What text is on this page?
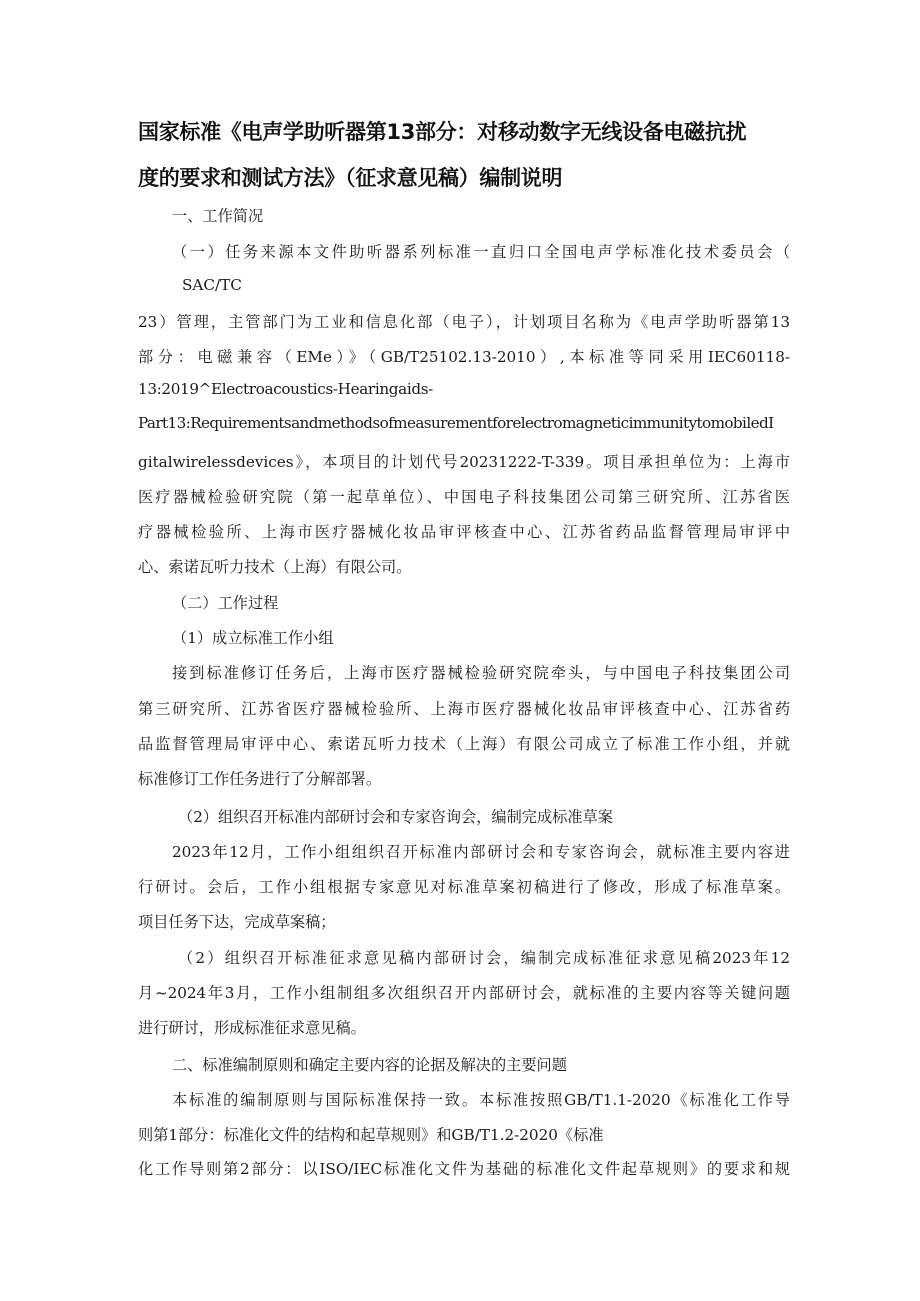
国家标准《电声学助听器第13部分：对移动数字无线设备电磁抗扰
度的要求和测试方法》（征求意见稿）编制说明

一、工作简况

（一）任务来源本文件助听器系列标准一直归口全国电声学标准化技术委员会（

SAC/TC

23）管理，主管部门为工业和信息化部（电子），计划项目名称为《电声学助听器第13

部分：电磁兼容（EMe）》（GB/T25102.13-2010）,本标准等同采用IEC60118-

13:2019^Electroacoustics-Hearingaids-

Part13:RequirementsandmethodsofmeasurementforelectromagneticimmunitytomobiledI

gitalwirelessdevices》，本项目的计划代号20231222-T-339。项目承担单位为：上海市

医疗器械检验研究院（第一起草单位）、中国电子科技集团公司第三研究所、江苏省医

疗器械检验所、上海市医疗器械化妆品审评核查中心、江苏省药品监督管理局审评中

心、索诺瓦听力技术（上海）有限公司。

（二）工作过程

（1）成立标准工作小组

接到标准修订任务后，上海市医疗器械检验研究院牵头，与中国电子科技集团公司

第三研究所、江苏省医疗器械检验所、上海市医疗器械化妆品审评核查中心、江苏省药

品监督管理局审评中心、索诺瓦听力技术（上海）有限公司成立了标准工作小组，并就

标准修订工作任务进行了分解部署。

（2）组织召开标准内部研讨会和专家咨询会，编制完成标准草案

2023年12月，工作小组组织召开标准内部研讨会和专家咨询会，就标准主要内容进

行研讨。会后，工作小组根据专家意见对标准草案初稿进行了修改，形成了标准草案。

项目任务下达，完成草案稿；

（2）组织召开标准征求意见稿内部研讨会，编制完成标准征求意见稿2023年12

月~2024年3月，工作小组制组多次组织召开内部研讨会，就标准的主要内容等关键问题

进行研讨，形成标准征求意见稿。

二、标准编制原则和确定主要内容的论据及解决的主要问题

本标准的编制原则与国际标准保持一致。本标准按照GB/T1.1-2020《标准化工作导

则第1部分：标准化文件的结构和起草规则》和GB/T1.2-2020《标准

化工作导则第2部分：以ISO/IEC标准化文件为基础的标准化文件起草规则》的要求和规
